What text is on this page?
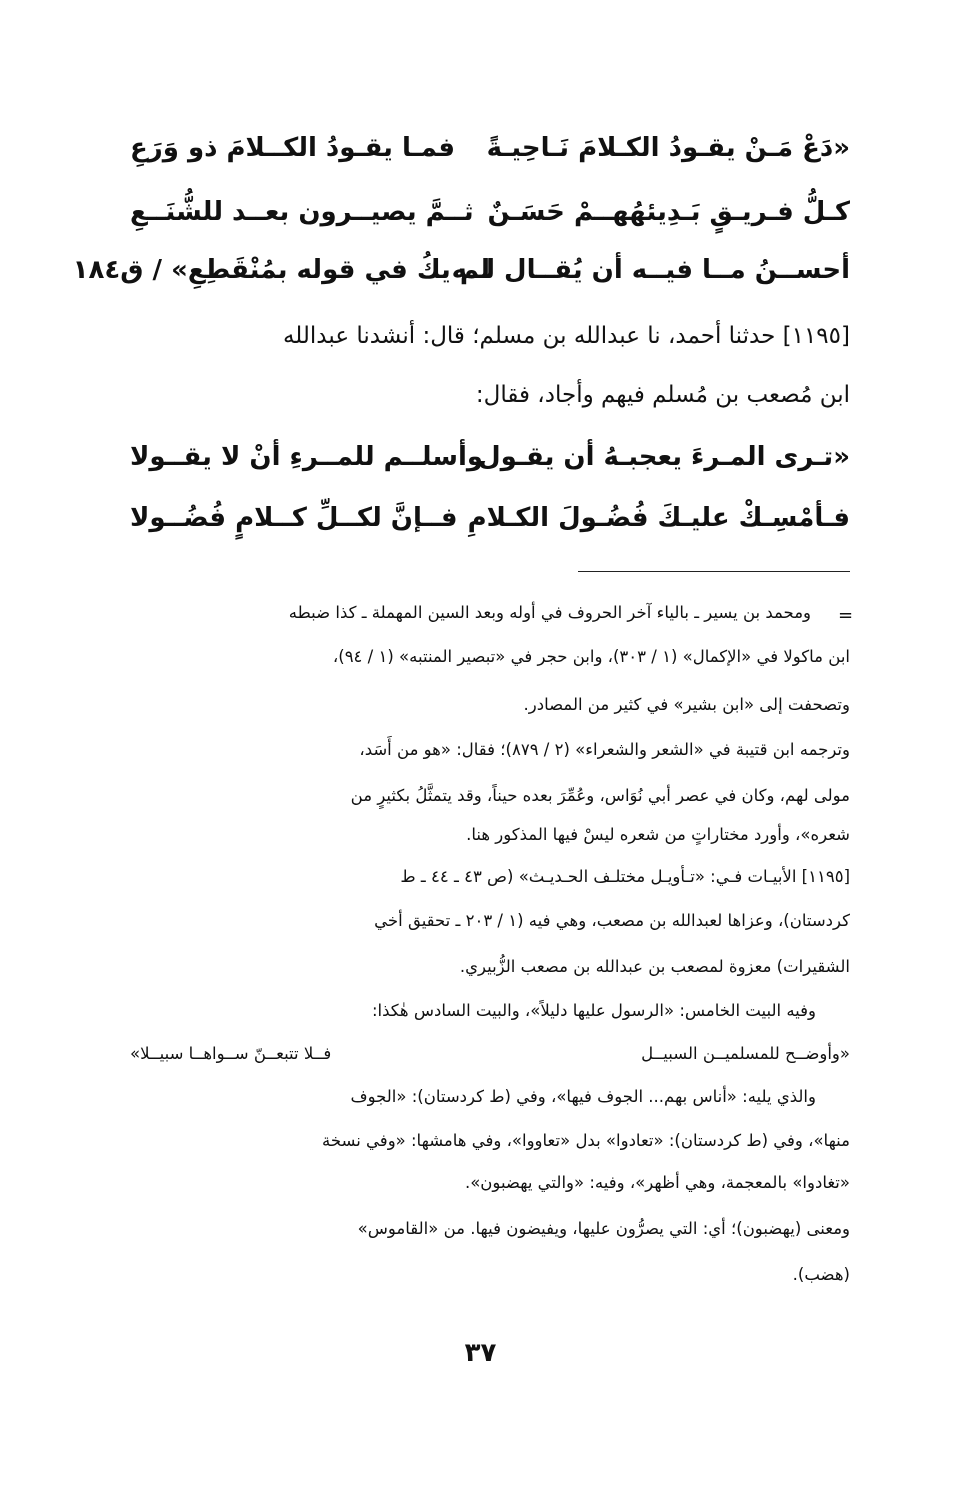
«دَعْ مَـنْ يقـودُ الكـلامَ نَـاحِيـةً
فمـا يقـودُ الكــلامَ ذو وَرَعِ
كـلُّ فـريـقٍ بَـدِيئهُهــمْ حَسَـنٌ
ثــمَّ يصيــرون بعــد للشُّنَــعِ
أحســنُ مــا فيــه أن يُقــال لــه
لم يكُ في قوله بمُنْقَطِعِ» / ق١٨٤
[١١٩٥] حدثنا أحمد، نا عبدالله بن مسلم؛ قال: أنشدنا عبدالله
ابن مُصعب بن مُسلم فيهم وأجاد، فقال:
«تـرى المـرءَ يعجبـهُ أن يقـول
وأسلــم للمــرءِ أنْ لا يقــولا
فـأمْسِـكْ عليـكَ فُضُـولَ الكـلامِ
فــإنَّ لكــلِّ كــلامٍ فُضُــولا
=
ومحمد بن يسير ـ بالياء آخر الحروف في أوله وبعد السين المهملة ـ كذا ضبطه
ابن ماكولا في «الإكمال» (١ / ٣٠٣)، وابن حجر في «تبصير المنتبه» (١ / ٩٤)،
وتصحفت إلى «ابن بشير» في كثير من المصادر.
وترجمه ابن قتيبة في «الشعر والشعراء» (٢ / ٨٧٩)؛ فقال: «هو من أَسَد،
مولى لهم، وكان في عصر أبي نُوَاس، وعُمِّرَ بعده حيناً، وقد يتمثَّلُ بكثيرٍ من
شعره»، وأورد مختاراتٍ من شعره ليسْ فيها المذكور هنا.
[١١٩٥] الأبيـات فـي: «تـأويـل مختلـف الحـديـث» (ص ٤٣ ـ ٤٤ ـ ط
كردستان)، وعزاها لعبدالله بن مصعب، وهي فيه (١ / ٢٠٣ ـ تحقيق أخي
الشقيرات) معزوة لمصعب بن عبدالله بن مصعب الزُّبيري.
وفيه البيت الخامس: «الرسول عليها دليلاً»، والبيت السادس هٰكذا:
«وأوضــح للمسلميــن السبيــل
فــلا تتبعــنّ ســواهــا سبيــلا»
والذي يليه: «أناس بهم... الجوف فيها»، وفي (ط كردستان): «الجوف
منها»، وفي (ط كردستان): «تعادوا» بدل «تعاووا»، وفي هامشها: «وفي نسخة
«تغادوا» بالمعجمة، وهي أظهر»، وفيه: «والتي يهضبون».
ومعنى (يهضبون)؛ أي: التي يصرُّون عليها، ويفيضون فيها. من «القاموس»
(هضب).
٣٧
